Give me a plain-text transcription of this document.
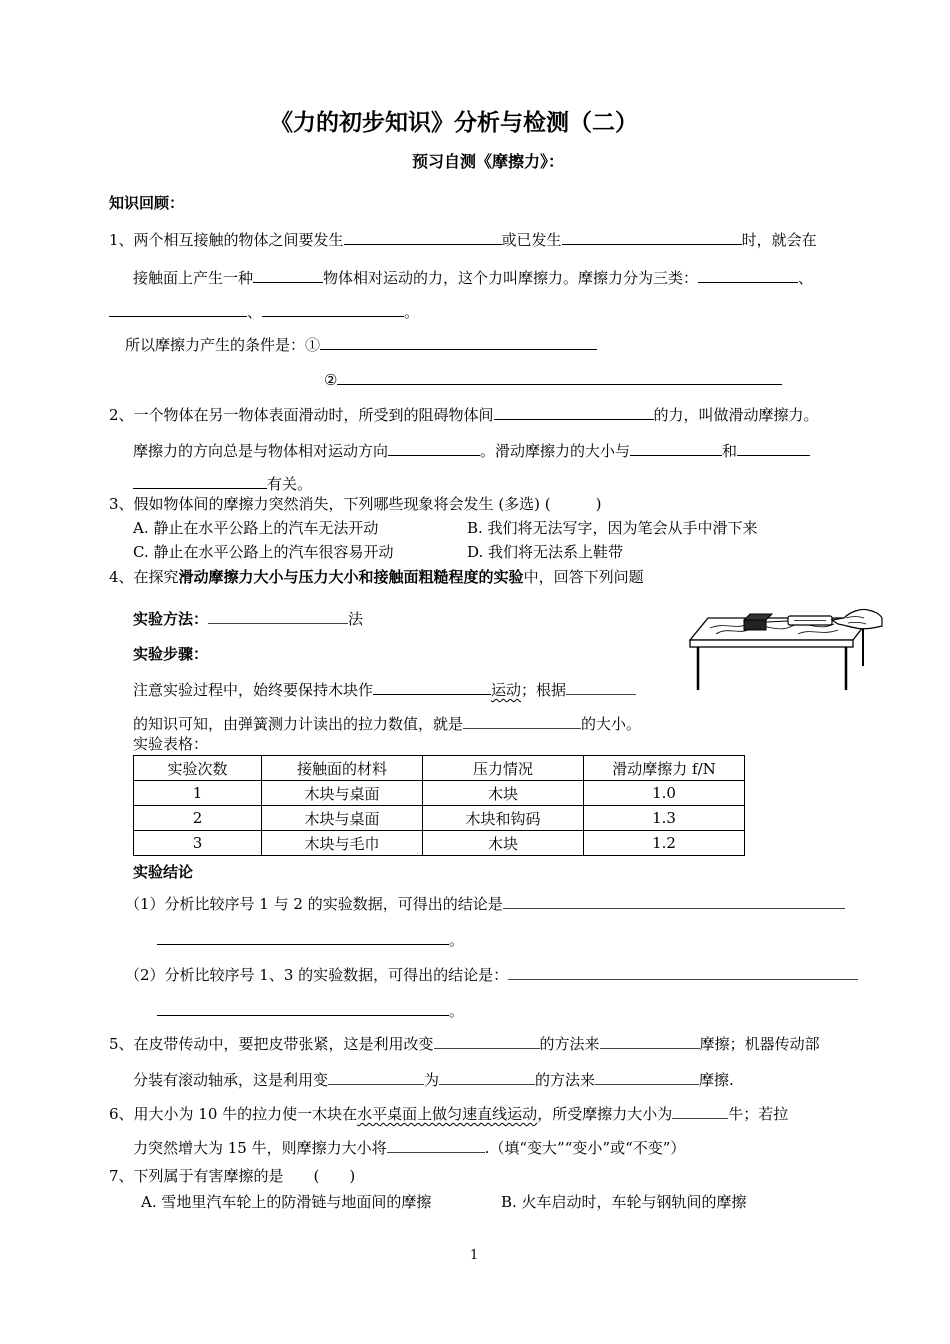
《力的初步知识》分析与检测（二）
预习自测《摩擦力》：
知识回顾：
1、两个相互接触的物体之间要发生	或已发生	时，就会在
接触面上产生一种	物体相对运动的力，这个力叫摩擦力。摩擦力分为三类：	、
、	。
所以摩擦力产生的条件是：①
②
2、一个物体在另一物体表面滑动时，所受到的阻碍物体间	的力，叫做滑动摩擦力。
摩擦力的方向总是与物体相对运动方向	。滑动摩擦力的大小与	和
有关。
3、假如物体间的摩擦力突然消失，下列哪些现象将会发生 (多选) (　　　)
A. 静止在水平公路上的汽车无法开动	B. 我们将无法写字，因为笔会从手中滑下来
C. 静止在水平公路上的汽车很容易开动	D. 我们将无法系上鞋带
4、在探究滑动摩擦力大小与压力大小和接触面粗糙程度的实验中，回答下列问题
实验方法：	法
实验步骤：
注意实验过程中，始终要保持木块作	运动；根据
的知识可知，由弹簧测力计读出的拉力数值，就是	的大小。
实验表格：
实验次数	接触面的材料	压力情况	滑动摩擦力 f/N
1	木块与桌面	木块	1.0
2	木块与桌面	木块和钩码	1.3
3	木块与毛巾	木块	1.2
实验结论
（1）分析比较序号 1 与 2 的实验数据，可得出的结论是
。
（2）分析比较序号 1、3 的实验数据，可得出的结论是：
。
5、在皮带传动中，要把皮带张紧，这是利用改变	的方法来	摩擦；机器传动部
分装有滚动轴承，这是利用变	为	的方法来	摩擦.
6、用大小为 10 牛的拉力使一木块在水平桌面上做匀速直线运动，所受摩擦力大小为	牛；若拉
力突然增大为 15 牛，则摩擦力大小将	.（填“变大”“变小”或“不变”）
7、下列属于有害摩擦的是　　(　　)
A. 雪地里汽车轮上的防滑链与地面间的摩擦	B. 火车启动时，车轮与钢轨间的摩擦
1
